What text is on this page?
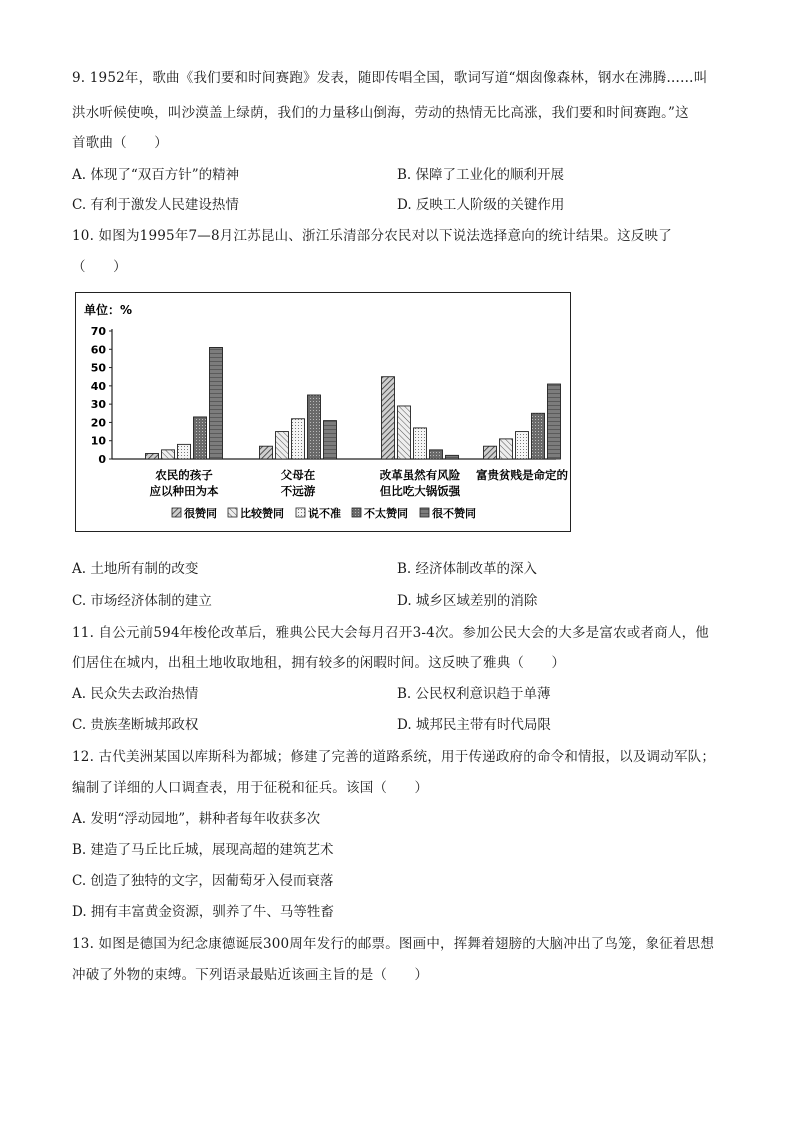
9. 1952年，歌曲《我们要和时间赛跑》发表，随即传唱全国，歌词写道“烟囱像森林，钢水在沸腾……叫
洪水听候使唤，叫沙漠盖上绿荫，我们的力量移山倒海，劳动的热情无比高涨，我们要和时间赛跑。”这
首歌曲（　　）
A. 体现了“双百方针”的精神	B. 保障了工业化的顺利开展
C. 有利于激发人民建设热情	D. 反映工人阶级的关键作用
10. 如图为1995年7—8月江苏昆山、浙江乐清部分农民对以下说法选择意向的统计结果。这反映了
（　　）
单位：%
0
10
20
30
40
50
60
70
农民的孩子
应以种田为本
父母在
不远游
改革虽然有风险
但比吃大锅饭强
富贵贫贱是命定的
很赞同 比较赞同 说不准 不太赞同 很不赞同
A. 土地所有制的改变	B. 经济体制改革的深入
C. 市场经济体制的建立	D. 城乡区域差别的消除
11. 自公元前594年梭伦改革后，雅典公民大会每月召开3-4次。参加公民大会的大多是富农或者商人，他
们居住在城内，出租土地收取地租，拥有较多的闲暇时间。这反映了雅典（　　）
A. 民众失去政治热情	B. 公民权利意识趋于单薄
C. 贵族垄断城邦政权	D. 城邦民主带有时代局限
12. 古代美洲某国以库斯科为都城；修建了完善的道路系统，用于传递政府的命令和情报，以及调动军队；
编制了详细的人口调查表，用于征税和征兵。该国（　　）
A. 发明“浮动园地”，耕种者每年收获多次
B. 建造了马丘比丘城，展现高超的建筑艺术
C. 创造了独特的文字，因葡萄牙入侵而衰落
D. 拥有丰富黄金资源，驯养了牛、马等牲畜
13. 如图是德国为纪念康德诞辰300周年发行的邮票。图画中，挥舞着翅膀的大脑冲出了鸟笼，象征着思想
冲破了外物的束缚。下列语录最贴近该画主旨的是（　　）
